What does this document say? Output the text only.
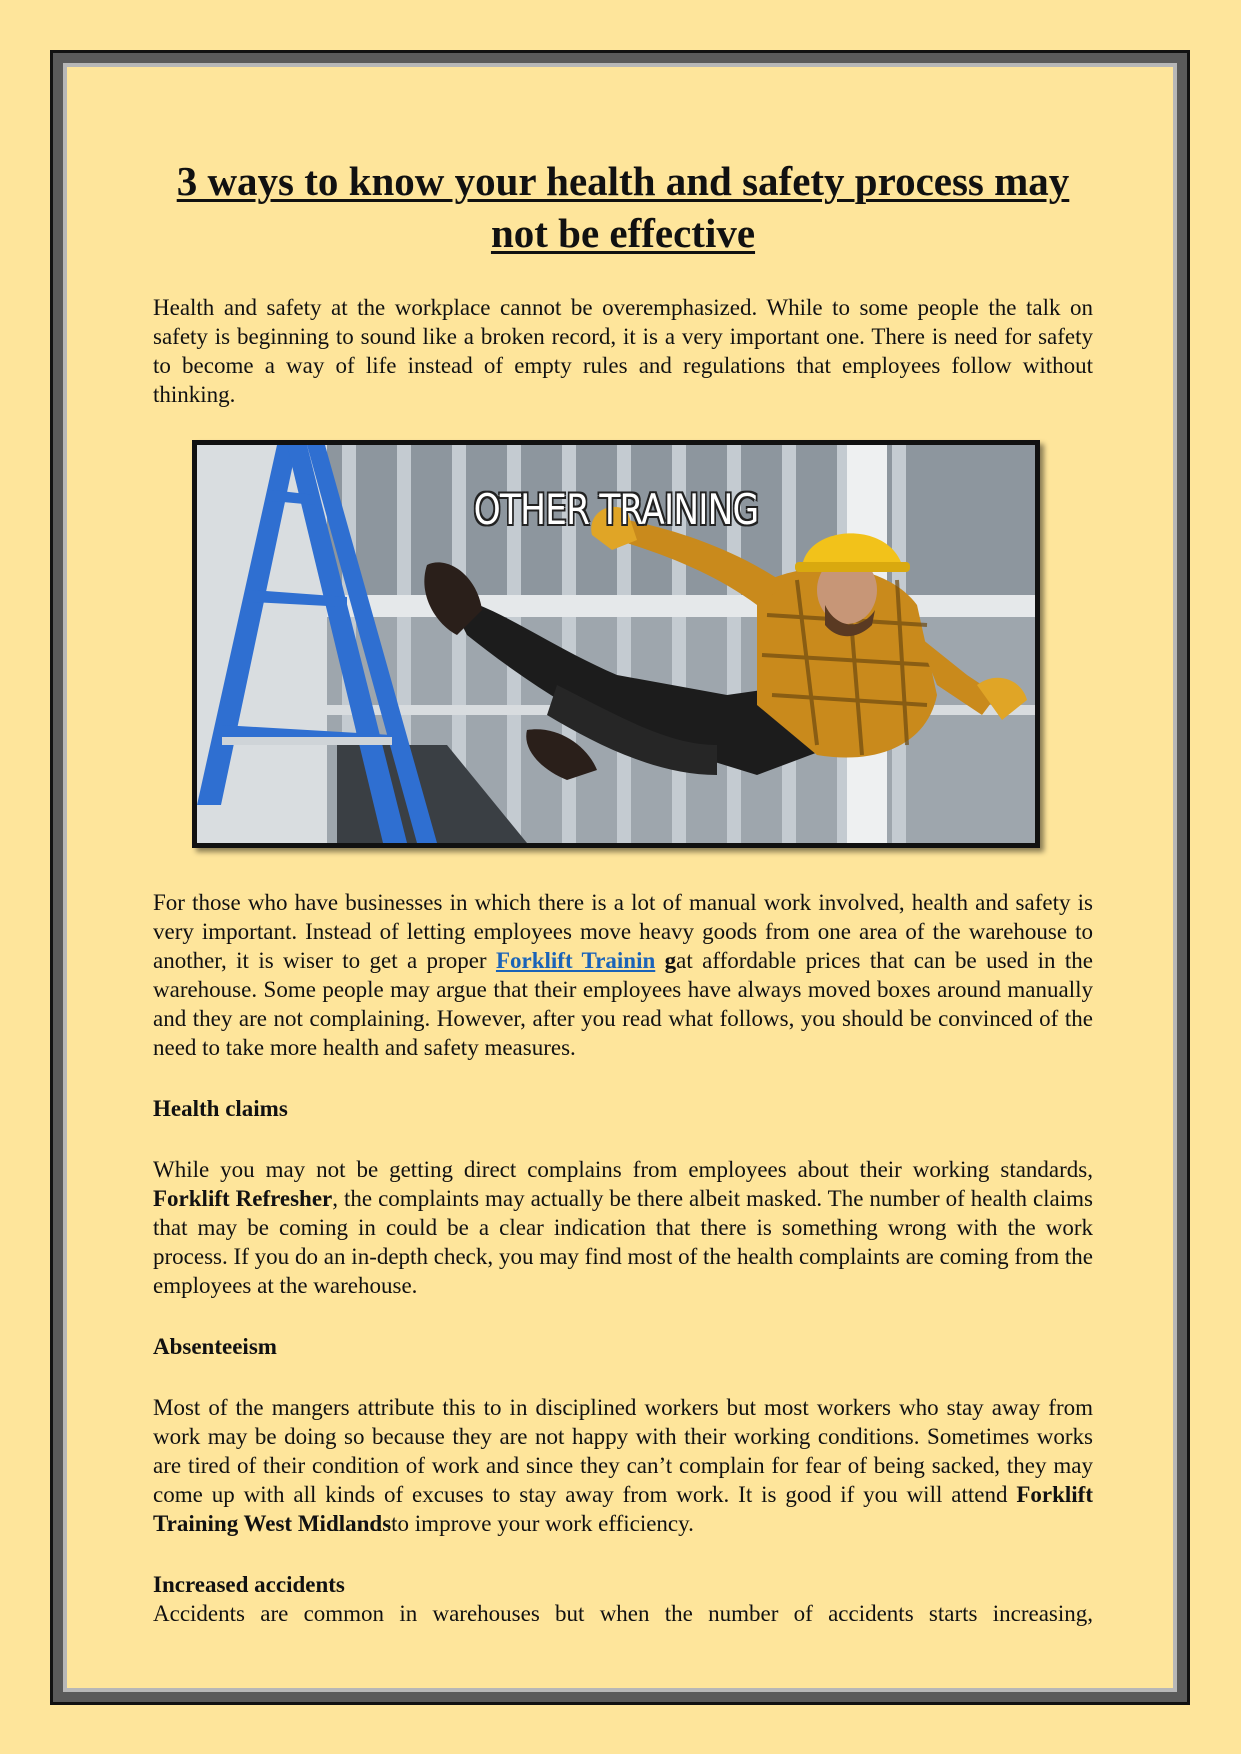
3 ways to know your health and safety process may not be effective

Health and safety at the workplace cannot be overemphasized. While to some people the talk on safety is beginning to sound like a broken record, it is a very important one. There is need for safety to become a way of life instead of empty rules and regulations that employees follow without thinking.

OTHER TRAINING

For those who have businesses in which there is a lot of manual work involved, health and safety is very important. Instead of letting employees move heavy goods from one area of the warehouse to another, it is wiser to get a proper Forklift Trainin gat affordable prices that can be used in the warehouse. Some people may argue that their employees have always moved boxes around manually and they are not complaining. However, after you read what follows, you should be convinced of the need to take more health and safety measures.

Health claims

While you may not be getting direct complains from employees about their working standards, Forklift Refresher, the complaints may actually be there albeit masked. The number of health claims that may be coming in could be a clear indication that there is something wrong with the work process. If you do an in-depth check, you may find most of the health complaints are coming from the employees at the warehouse.

Absenteeism

Most of the mangers attribute this to in disciplined workers but most workers who stay away from work may be doing so because they are not happy with their working conditions. Sometimes works are tired of their condition of work and since they can’t complain for fear of being sacked, they may come up with all kinds of excuses to stay away from work. It is good if you will attend Forklift Training West Midlandsto improve your work efficiency.

Increased accidents

Accidents are common in warehouses but when the number of accidents starts increasing,
